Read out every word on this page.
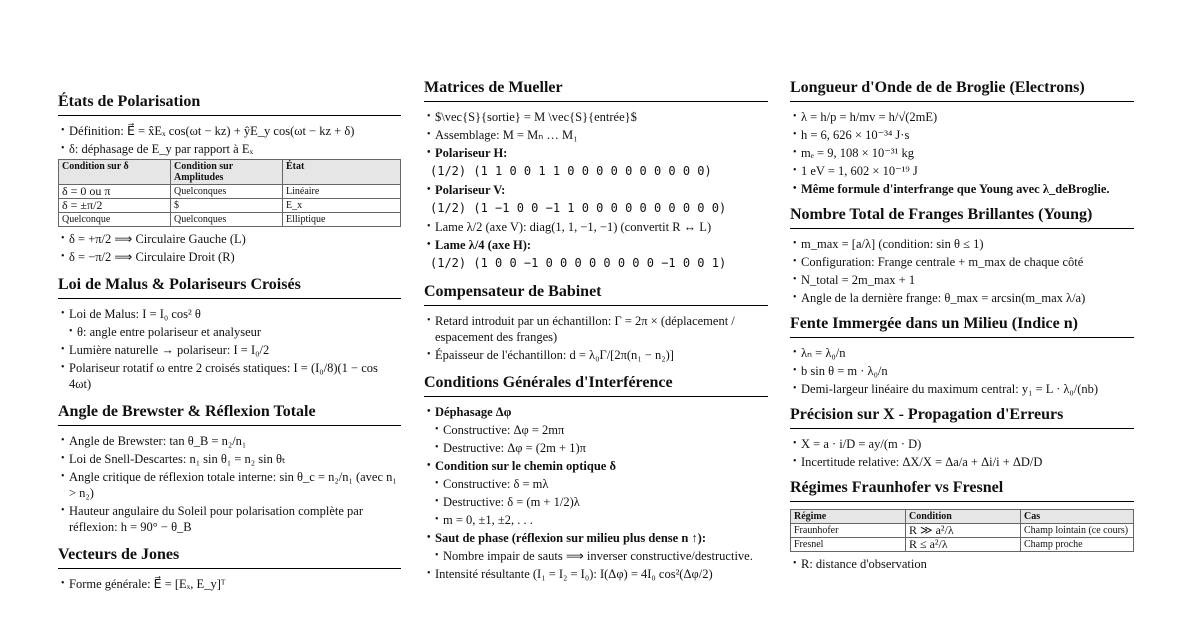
États de Polarisation
• Définition: E⃗ = x̂Eₓ cos(ωt − kz) + ŷE_y cos(ωt − kz + δ)
• δ: déphasage de E_y par rapport à Eₓ
Condition sur δ	Condition sur Amplitudes	État
δ = 0 ou π	Quelconques	Linéaire
δ = ±π/2	$	E_x
Quelconque	Quelconques	Elliptique
• δ = +π/2 ⟹ Circulaire Gauche (L)
• δ = −π/2 ⟹ Circulaire Droit (R)
Loi de Malus & Polariseurs Croisés
• Loi de Malus: I = I₀ cos² θ
• θ: angle entre polariseur et analyseur
• Lumière naturelle → polariseur: I = I₀/2
• Polariseur rotatif ω entre 2 croisés statiques: I = (I₀/8)(1 − cos 4ωt)
Angle de Brewster & Réflexion Totale
• Angle de Brewster: tan θ_B = n₂/n₁
• Loi de Snell-Descartes: n₁ sin θ₁ = n₂ sin θₜ
• Angle critique de réflexion totale interne: sin θ_c = n₂/n₁ (avec n₁ > n₂)
• Hauteur angulaire du Soleil pour polarisation complète par réflexion: h = 90° − θ_B
Vecteurs de Jones
• Forme générale: E⃗ = [Eₓ, E_y]ᵀ
Matrices de Mueller
• $\vec{S}{sortie} = M \vec{S}{entrée}$
• Assemblage: M = Mₙ … M₁
• Polariseur H:
(1/2) (1 1 0 0 1 1 0 0 0 0 0 0 0 0 0 0)
• Polariseur V:
(1/2) (1 −1 0 0 −1 1 0 0 0 0 0 0 0 0 0 0)
• Lame λ/2 (axe V): diag(1, 1, −1, −1) (convertit R ↔ L)
• Lame λ/4 (axe H):
(1/2) (1 0 0 −1 0 0 0 0 0 0 0 0 −1 0 0 1)
Compensateur de Babinet
• Retard introduit par un échantillon: Γ = 2π × (déplacement / espacement des franges)
• Épaisseur de l'échantillon: d = λ₀Γ/[2π(n₁ − n₂)]
Conditions Générales d'Interférence
• Déphasage Δφ
• Constructive: Δφ = 2mπ
• Destructive: Δφ = (2m + 1)π
• Condition sur le chemin optique δ
• Constructive: δ = mλ
• Destructive: δ = (m + 1/2)λ
• m = 0, ±1, ±2, . . .
• Saut de phase (réflexion sur milieu plus dense n ↑):
• Nombre impair de sauts ⟹ inverser constructive/destructive.
• Intensité résultante (I₁ = I₂ = I₀): I(Δφ) = 4I₀ cos²(Δφ/2)
Longueur d'Onde de de Broglie (Electrons)
• λ = h/p = h/mv = h/√(2mE)
• h = 6, 626 × 10⁻³⁴ J·s
• mₑ = 9, 108 × 10⁻³¹ kg
• 1 eV = 1, 602 × 10⁻¹⁹ J
• Même formule d'interfrange que Young avec λ_deBroglie.
Nombre Total de Franges Brillantes (Young)
• m_max = [a/λ] (condition: sin θ ≤ 1)
• Configuration: Frange centrale + m_max de chaque côté
• N_total = 2m_max + 1
• Angle de la dernière frange: θ_max = arcsin(m_max λ/a)
Fente Immergée dans un Milieu (Indice n)
• λₙ = λ₀/n
• b sin θ = m · λ₀/n
• Demi-largeur linéaire du maximum central: y₁ = L · λ₀/(nb)
Précision sur X - Propagation d'Erreurs
• X = a · i/D = ay/(m · D)
• Incertitude relative: ΔX/X = Δa/a + Δi/i + ΔD/D
Régimes Fraunhofer vs Fresnel
Régime	Condition	Cas
Fraunhofer	R ≫ a²/λ	Champ lointain (ce cours)
Fresnel	R ≤ a²/λ	Champ proche
• R: distance d'observation
